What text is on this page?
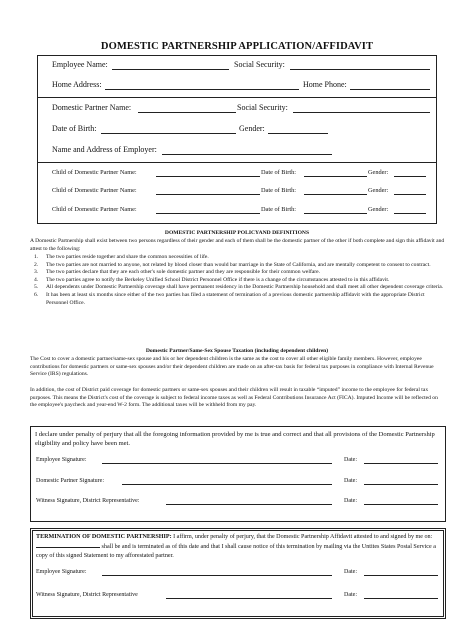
DOMESTIC PARTNERSHIP APPLICATION/AFFIDAVIT
Employee Name:	Social Security:
Home Address:	Home Phone:
Domestic Partner Name:	Social Security:
Date of Birth:	Gender:
Name and Address of Employer:
Child of Domestic Partner Name:	Date of Birth:	Gender:
Child of Domestic Partner Name:	Date of Birth:	Gender:
Child of Domestic Partner Name:	Date of Birth:	Gender:
DOMESTIC PARTNERSHIP POLICYAND DEFINITIONS
A Domestic Partnership shall exist between two persons regardless of their gender and each of them shall be the domestic partner of the other if both complete and sign this affidavit and attest to the following:
1. The two parties reside together and share the common necessities of life.
2. The two parties are not married to anyone, not related by blood closer than would bar marriage in the State of California, and are mentally competent to consent to contract.
3. The two parties declare that they are each other's sole domestic partner and they are responsible for their common welfare.
4. The two parties agree to notify the Berkeley Unified School District Personnel Office if there is a change of the circumstances attested to in this affidavit.
5. All dependents under Domestic Partnership coverage shall have permanent residency in the Domestic Partnership household and shall meet all other dependent coverage criteria.
6. It has been at least six months since either of the two parties has filed a statement of termination of a previous domestic partnership affidavit with the appropriate District Personnel Office.
Domestic Partner/Same-Sex Spouse Taxation (including dependent children)
The Cost to cover a domestic partner/same-sex spouse and his or her dependent children is the same as the cost to cover all other eligible family members. However, employee contributions for domestic partners or same-sex spouses and/or their dependent children are made on an after-tax basis for federal tax purposes in compliance with Internal Revenue Service (IRS) regulations.
In addition, the cost of District paid coverage for domestic partners or same-sex spouses and their children will result in taxable “imputed” income to the employee for federal tax purposes. This means the District's cost of the coverage is subject to federal income taxes as well as Federal Contributions Insurance Act (FICA). Imputed Income will be reflected on the employee's paycheck and year-end W-2 form. The additional taxes will be withheld from my pay.
I declare under penalty of perjury that all the foregoing information provided by me is true and correct and that all provisions of the Domestic Partnership eligibility and policy have been met.
Employee Signature:	Date:
Domestic Partner Signature:	Date:
Witness Signature, District Representative:	Date:
TERMINATION OF DOMESTIC PARTNERSHIP: I affirm, under penalty of perjury, that the Domestic Partnership Affidavit attested to and signed by me on:  shall be and is terminated as of this date and that I shall cause notice of this termination by mailing via the Untites States Postal Service a copy of this signed Statement to my afforestated partner.
Employee Signature:	Date:
Witness Signature, District Representative	Date:
